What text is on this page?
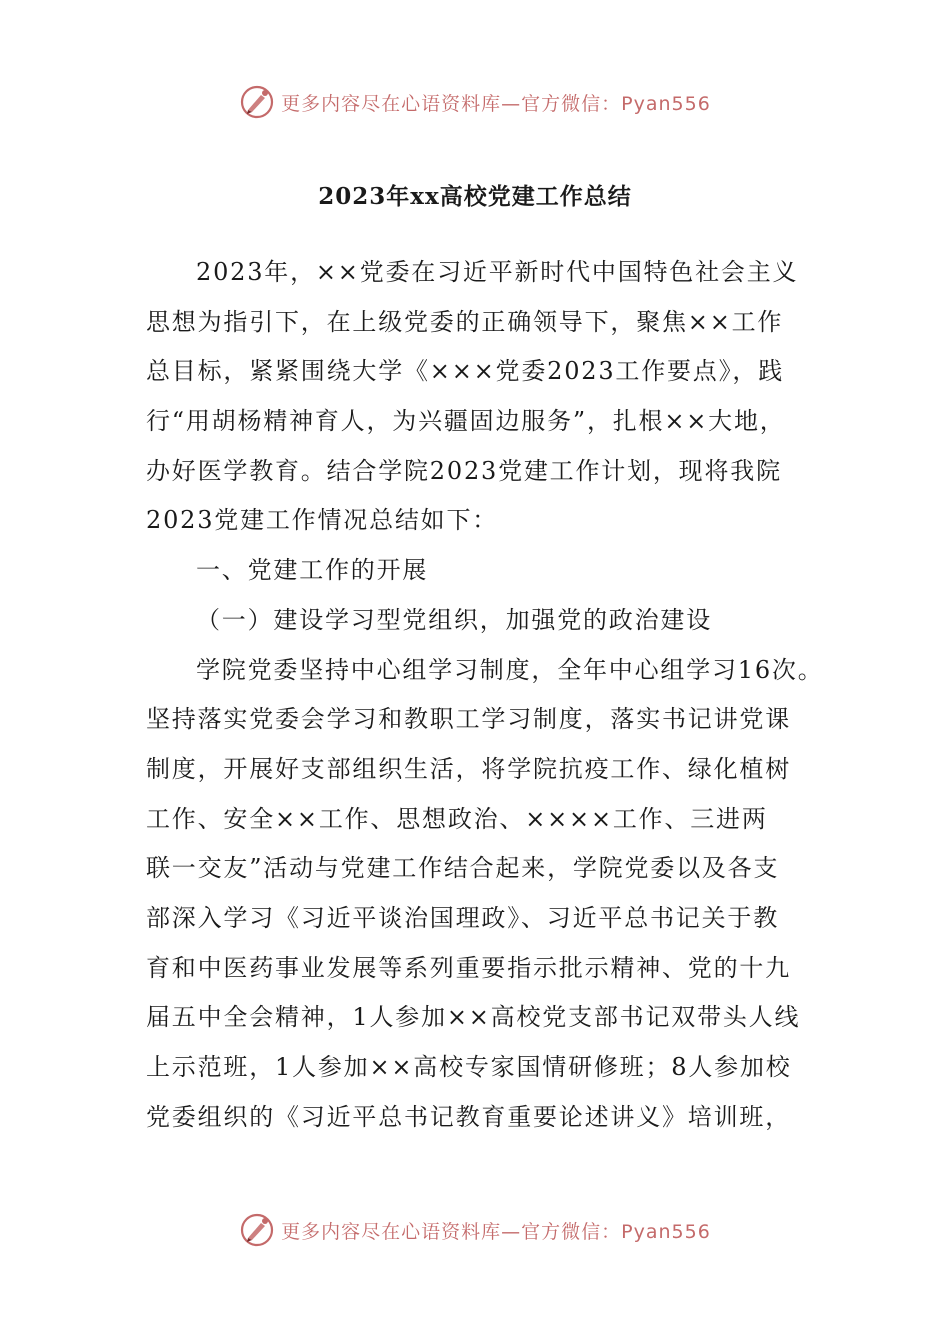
更多内容尽在心语资料库—官方微信：Pyan556
2023年xx高校党建工作总结
2023年，××党委在习近平新时代中国特色社会主义
思想为指引下，在上级党委的正确领导下，聚焦××工作
总目标，紧紧围绕大学《×××党委2023工作要点》，践
行“用胡杨精神育人，为兴疆固边服务”，扎根××大地，
办好医学教育。结合学院2023党建工作计划，现将我院
2023党建工作情况总结如下：
一、党建工作的开展
（一）建设学习型党组织，加强党的政治建设
学院党委坚持中心组学习制度，全年中心组学习16次。
坚持落实党委会学习和教职工学习制度，落实书记讲党课
制度，开展好支部组织生活，将学院抗疫工作、绿化植树
工作、安全××工作、思想政治、××××工作、三进两
联一交友”活动与党建工作结合起来，学院党委以及各支
部深入学习《习近平谈治国理政》、习近平总书记关于教
育和中医药事业发展等系列重要指示批示精神、党的十九
届五中全会精神，1人参加××高校党支部书记双带头人线
上示范班，1人参加××高校专家国情研修班；8人参加校
党委组织的《习近平总书记教育重要论述讲义》培训班，
更多内容尽在心语资料库—官方微信：Pyan556
